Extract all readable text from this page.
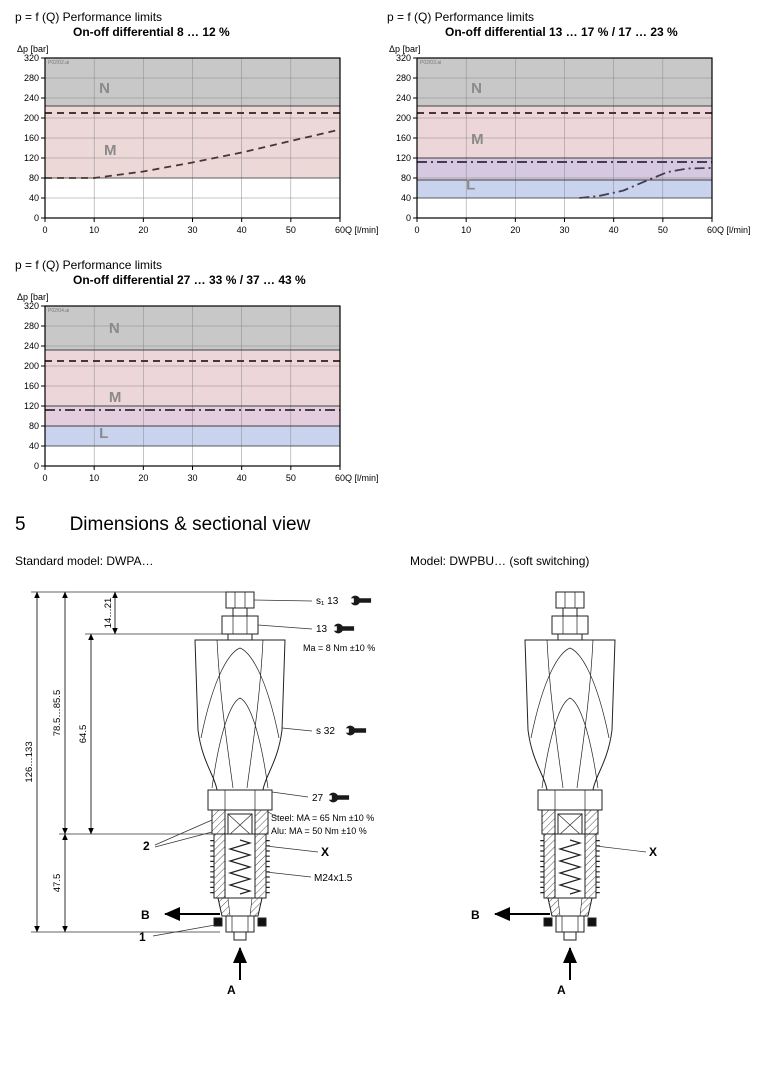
p = f (Q) Performance limits
On-off differential 8 … 12 %
N
M
0
40
80
120
160
200
240
280
320
0	10	20	30	40	50	60 Q [l/min]
Δp [bar]
P02/02.ai
p = f (Q) Performance limits
On-off differential 13 … 17 % / 17 … 23 %
N
M
L
0
40
80
120
160
200
240
280
320
0	10	20	30	40	50	60 Q [l/min]
Δp [bar]
P02/03.ai
p = f (Q) Performance limits
On-off differential 27 … 33 % / 37 … 43 %
N
M
L
0
40
80
120
160
200
240
280
320
0	10	20	30	40	50	60 Q [l/min]
Δp [bar]
P02/04.ai
5 Dimensions & sectional view
Standard model: DWPA…
126…133
78.5…85.5
47.5
64.5
14…21	s₁ 13
13
Ma = 8 Nm ±10 %
s 32
27
Steel: MA = 65 Nm ±10 %
Alu: MA = 50 Nm ±10 %
X
M24x1.5
2
B
1
A
Model: DWPBU… (soft switching)
X
B
A
